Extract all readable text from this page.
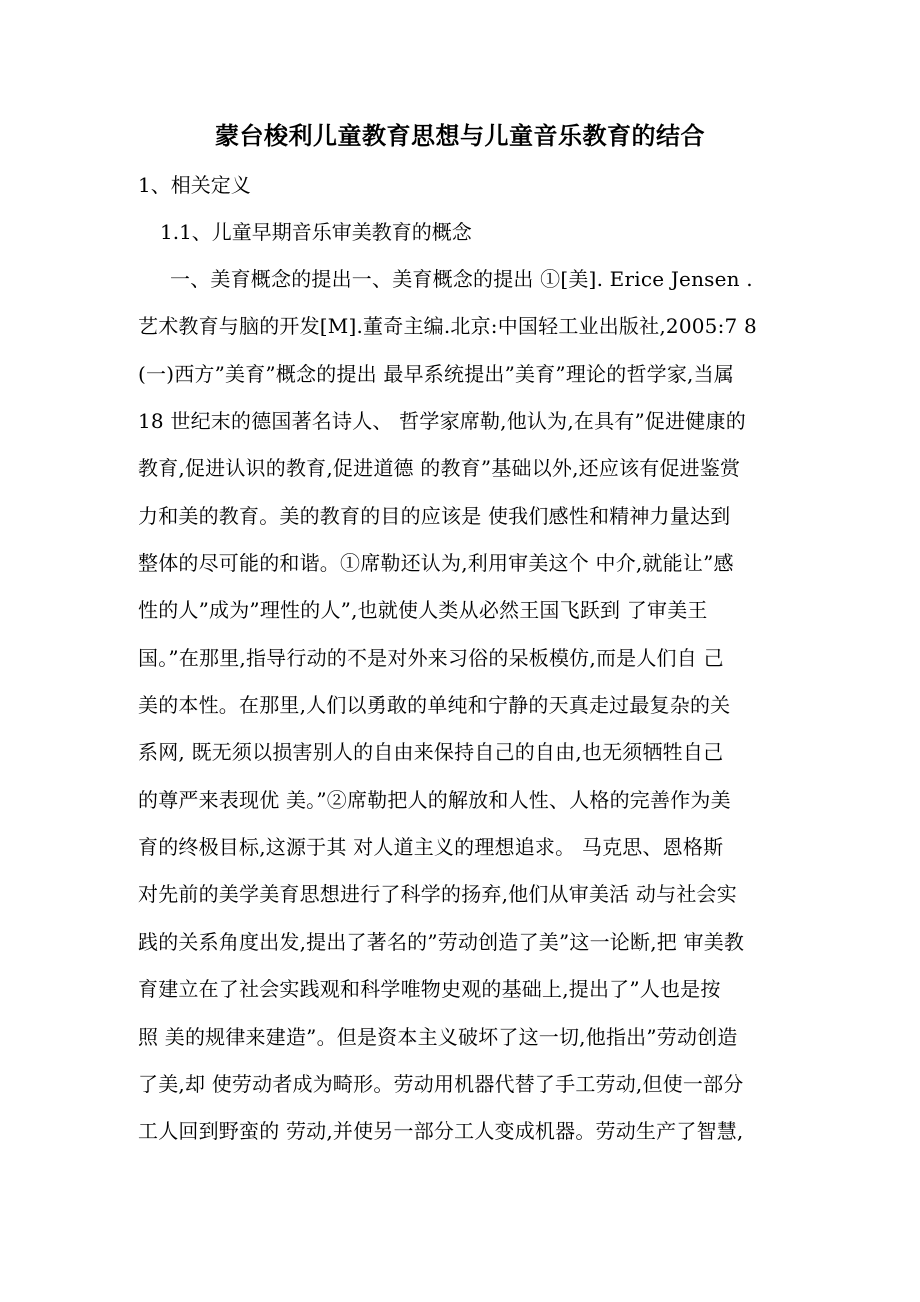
蒙台梭利儿童教育思想与儿童音乐教育的结合

1、相关定义

1.1、儿童早期音乐审美教育的概念

一、美育概念的提出一、美育概念的提出 ①[美]. Erice Jensen .
艺术教育与脑的开发[M].董奇主编.北京:中国轻工业出版社,2005:7 8
(一)西方”美育”概念的提出 最早系统提出”美育”理论的哲学家,当属
18 世纪末的德国著名诗人、 哲学家席勒,他认为,在具有”促进健康的
教育,促进认识的教育,促进道德 的教育”基础以外,还应该有促进鉴赏
力和美的教育。美的教育的目的应该是 使我们感性和精神力量达到
整体的尽可能的和谐。①席勒还认为,利用审美这个 中介,就能让”感
性的人”成为”理性的人”,也就使人类从必然王国飞跃到 了审美王
国。”在那里,指导行动的不是对外来习俗的呆板模仿,而是人们自 己
美的本性。在那里,人们以勇敢的单纯和宁静的天真走过最复杂的关
系网, 既无须以损害别人的自由来保持自己的自由,也无须牺牲自己
的尊严来表现优 美。”②席勒把人的解放和人性、人格的完善作为美
育的终极目标,这源于其 对人道主义的理想追求。 马克思、恩格斯
对先前的美学美育思想进行了科学的扬弃,他们从审美活 动与社会实
践的关系角度出发,提出了著名的”劳动创造了美”这一论断,把 审美教
育建立在了社会实践观和科学唯物史观的基础上,提出了”人也是按
照 美的规律来建造”。但是资本主义破坏了这一切,他指出”劳动创造
了美,却 使劳动者成为畸形。劳动用机器代替了手工劳动,但使一部分
工人回到野蛮的 劳动,并使另一部分工人变成机器。劳动生产了智慧,
